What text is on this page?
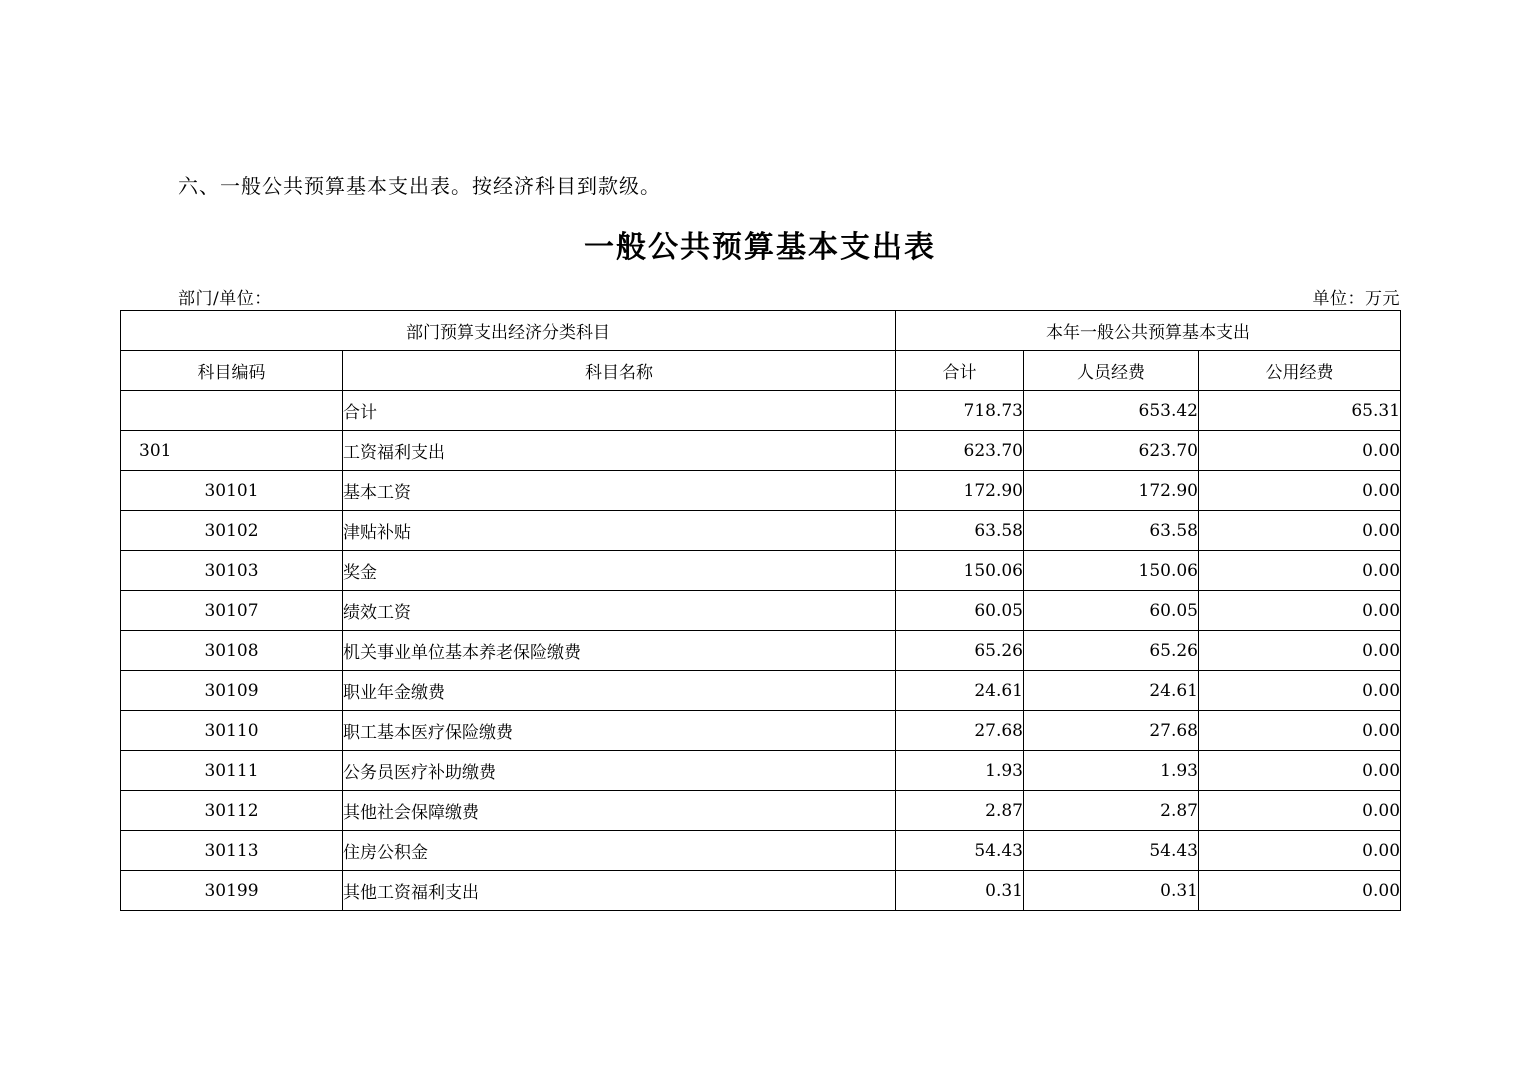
六、一般公共预算基本支出表。按经济科目到款级。
一般公共预算基本支出表
部门/单位：	单位：万元
部门预算支出经济分类科目		本年一般公共预算基本支出		
科目编码	科目名称	合计	人员经费	公用经费
	合计	718.73	653.42	65.31
301	工资福利支出	623.70	623.70	0.00
30101	基本工资	172.90	172.90	0.00
30102	津贴补贴	63.58	63.58	0.00
30103	奖金	150.06	150.06	0.00
30107	绩效工资	60.05	60.05	0.00
30108	机关事业单位基本养老保险缴费	65.26	65.26	0.00
30109	职业年金缴费	24.61	24.61	0.00
30110	职工基本医疗保险缴费	27.68	27.68	0.00
30111	公务员医疗补助缴费	1.93	1.93	0.00
30112	其他社会保障缴费	2.87	2.87	0.00
30113	住房公积金	54.43	54.43	0.00
30199	其他工资福利支出	0.31	0.31	0.00
